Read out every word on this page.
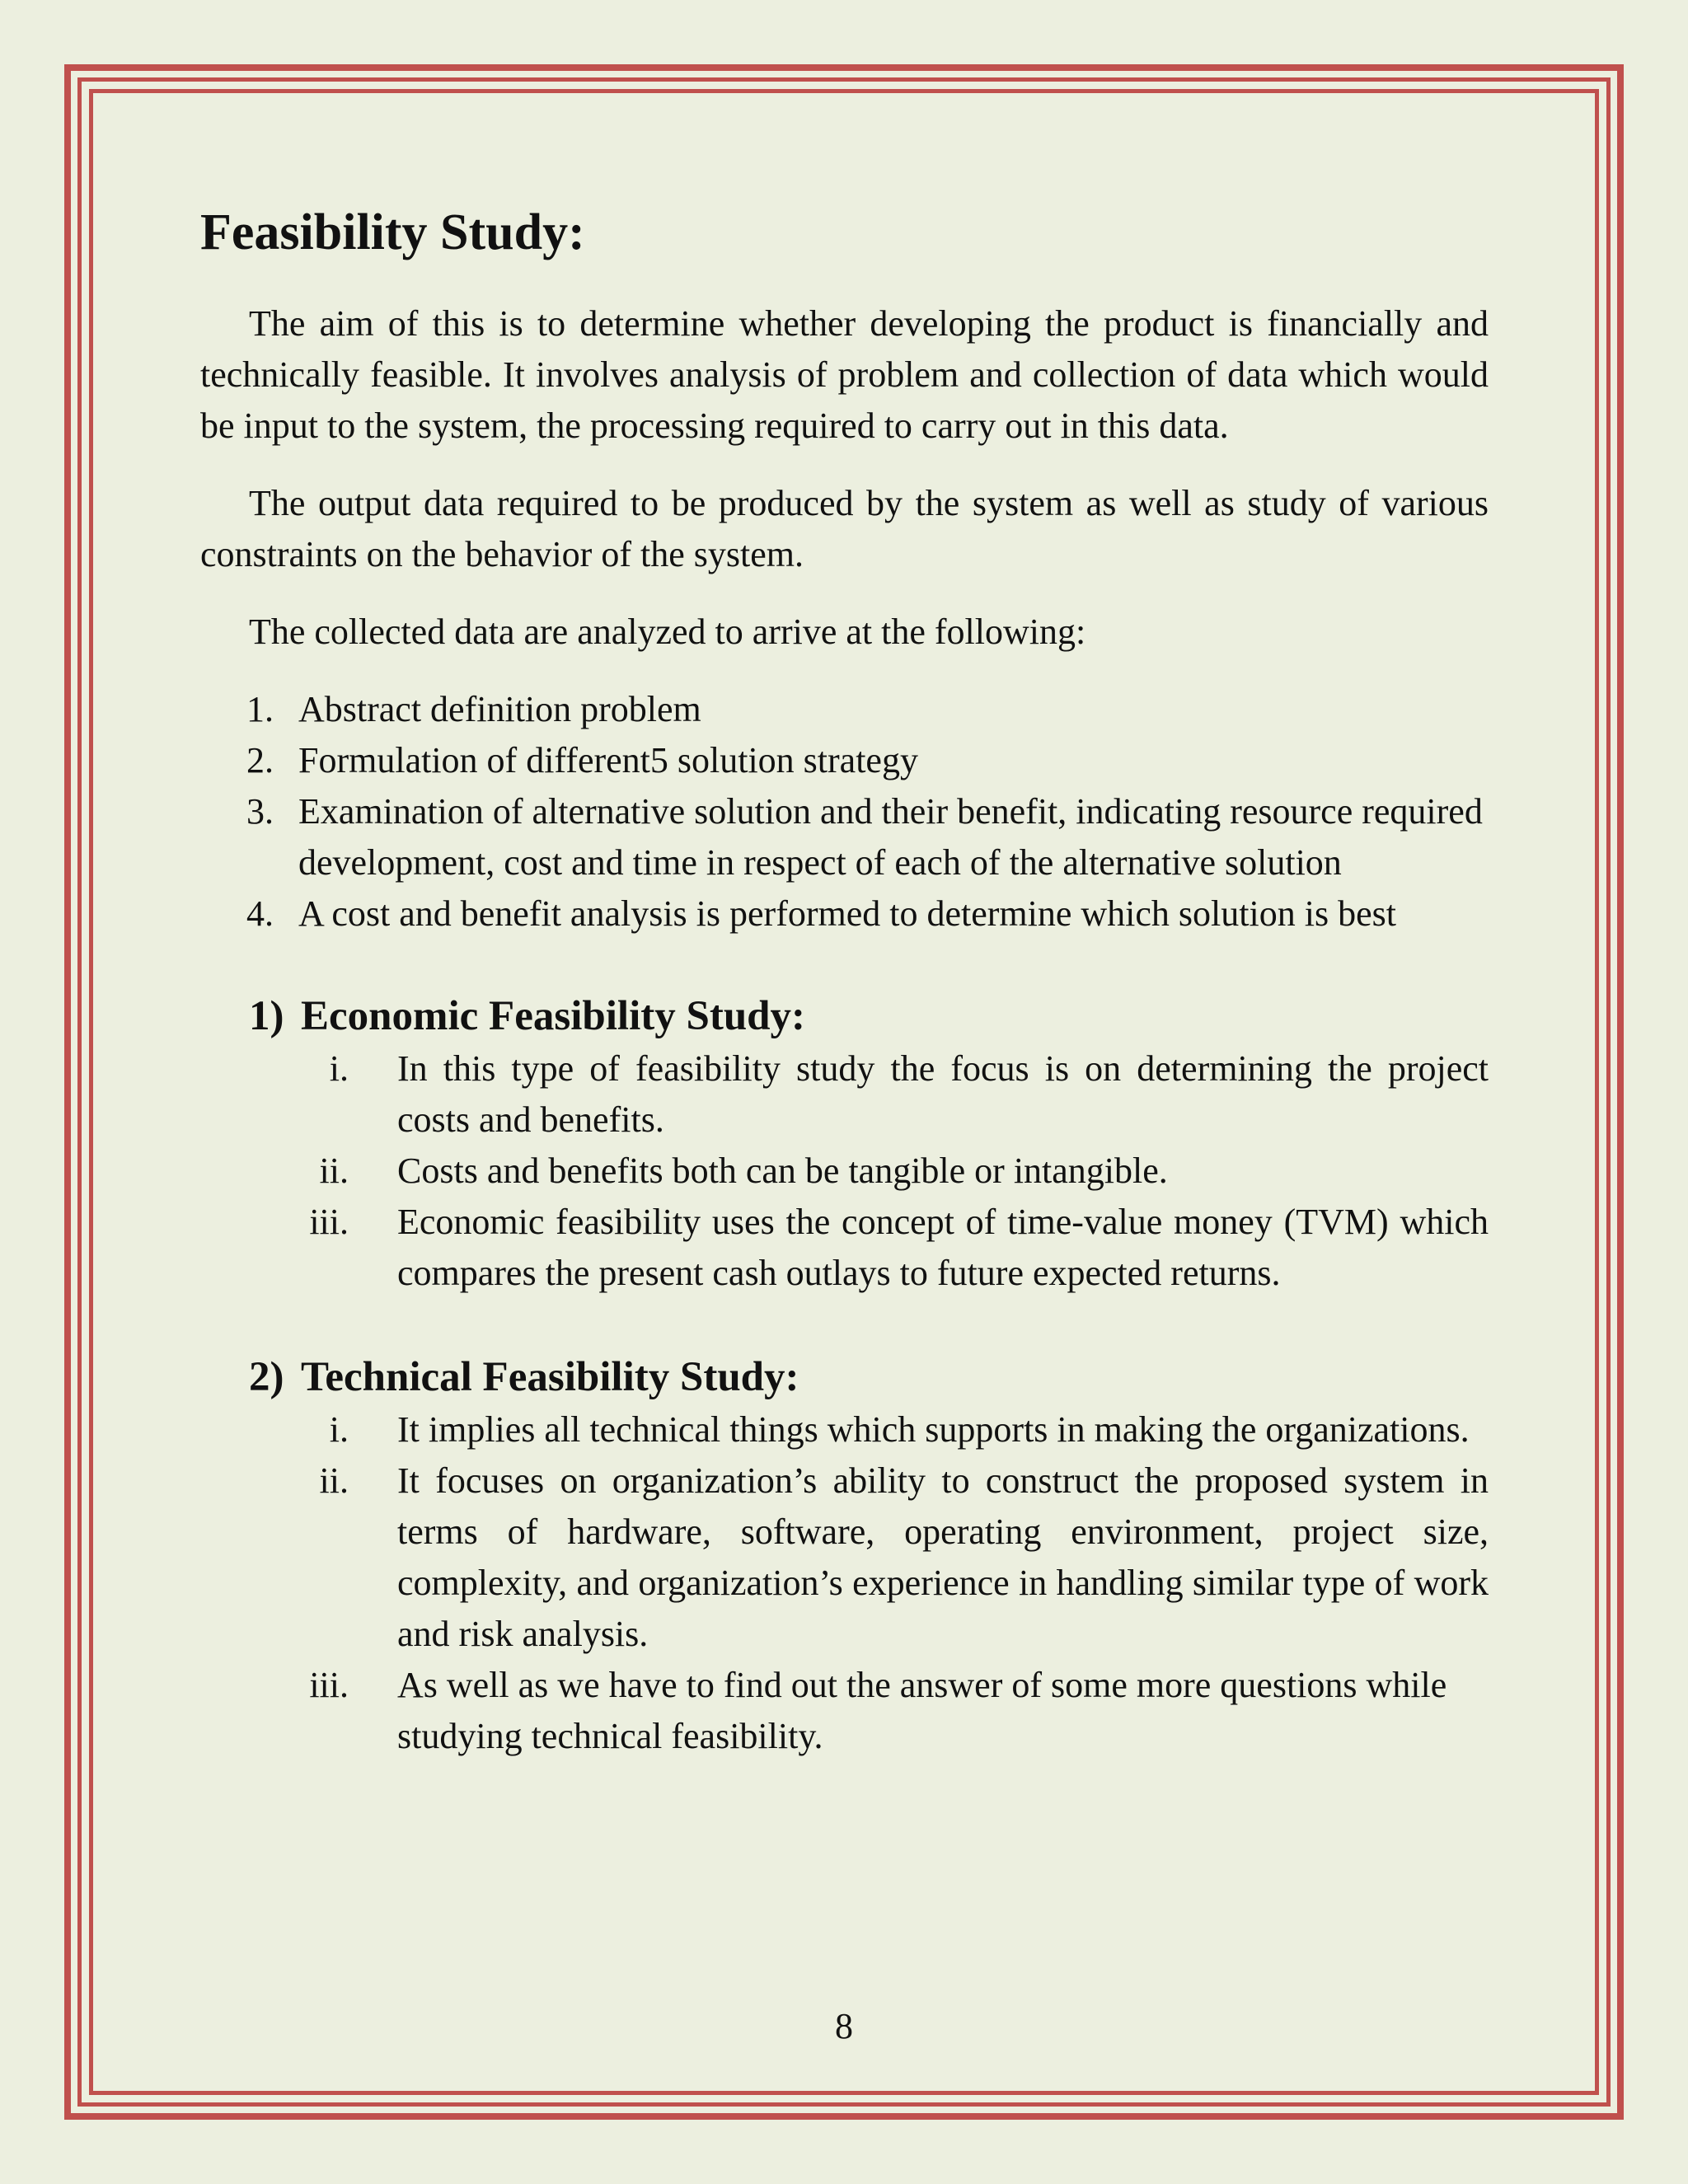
Feasibility Study:

The aim of this is to determine whether developing the product is financially and technically feasible. It involves analysis of problem and collection of data which would be input to the system, the processing required to carry out in this data.

The output data required to be produced by the system as well as study of various constraints on the behavior of the system.

The collected data are analyzed to arrive at the following:

1. Abstract definition problem
2. Formulation of different5 solution strategy
3. Examination of alternative solution and their benefit, indicating resource required development, cost and time in respect of each of the alternative solution
4. A cost and benefit analysis is performed to determine which solution is best
1) Economic Feasibility Study:
i. In this type of feasibility study the focus is on determining the project costs and benefits.
ii. Costs and benefits both can be tangible or intangible.
iii. Economic feasibility uses the concept of time-value money (TVM) which compares the present cash outlays to future expected returns.
2) Technical Feasibility Study:
i. It implies all technical things which supports in making the organizations.
ii. It focuses on organization’s ability to construct the proposed system in terms of hardware, software, operating environment, project size, complexity, and organization’s experience in handling similar type of work and risk analysis.
iii. As well as we have to find out the answer of some more questions while studying technical feasibility.
8
